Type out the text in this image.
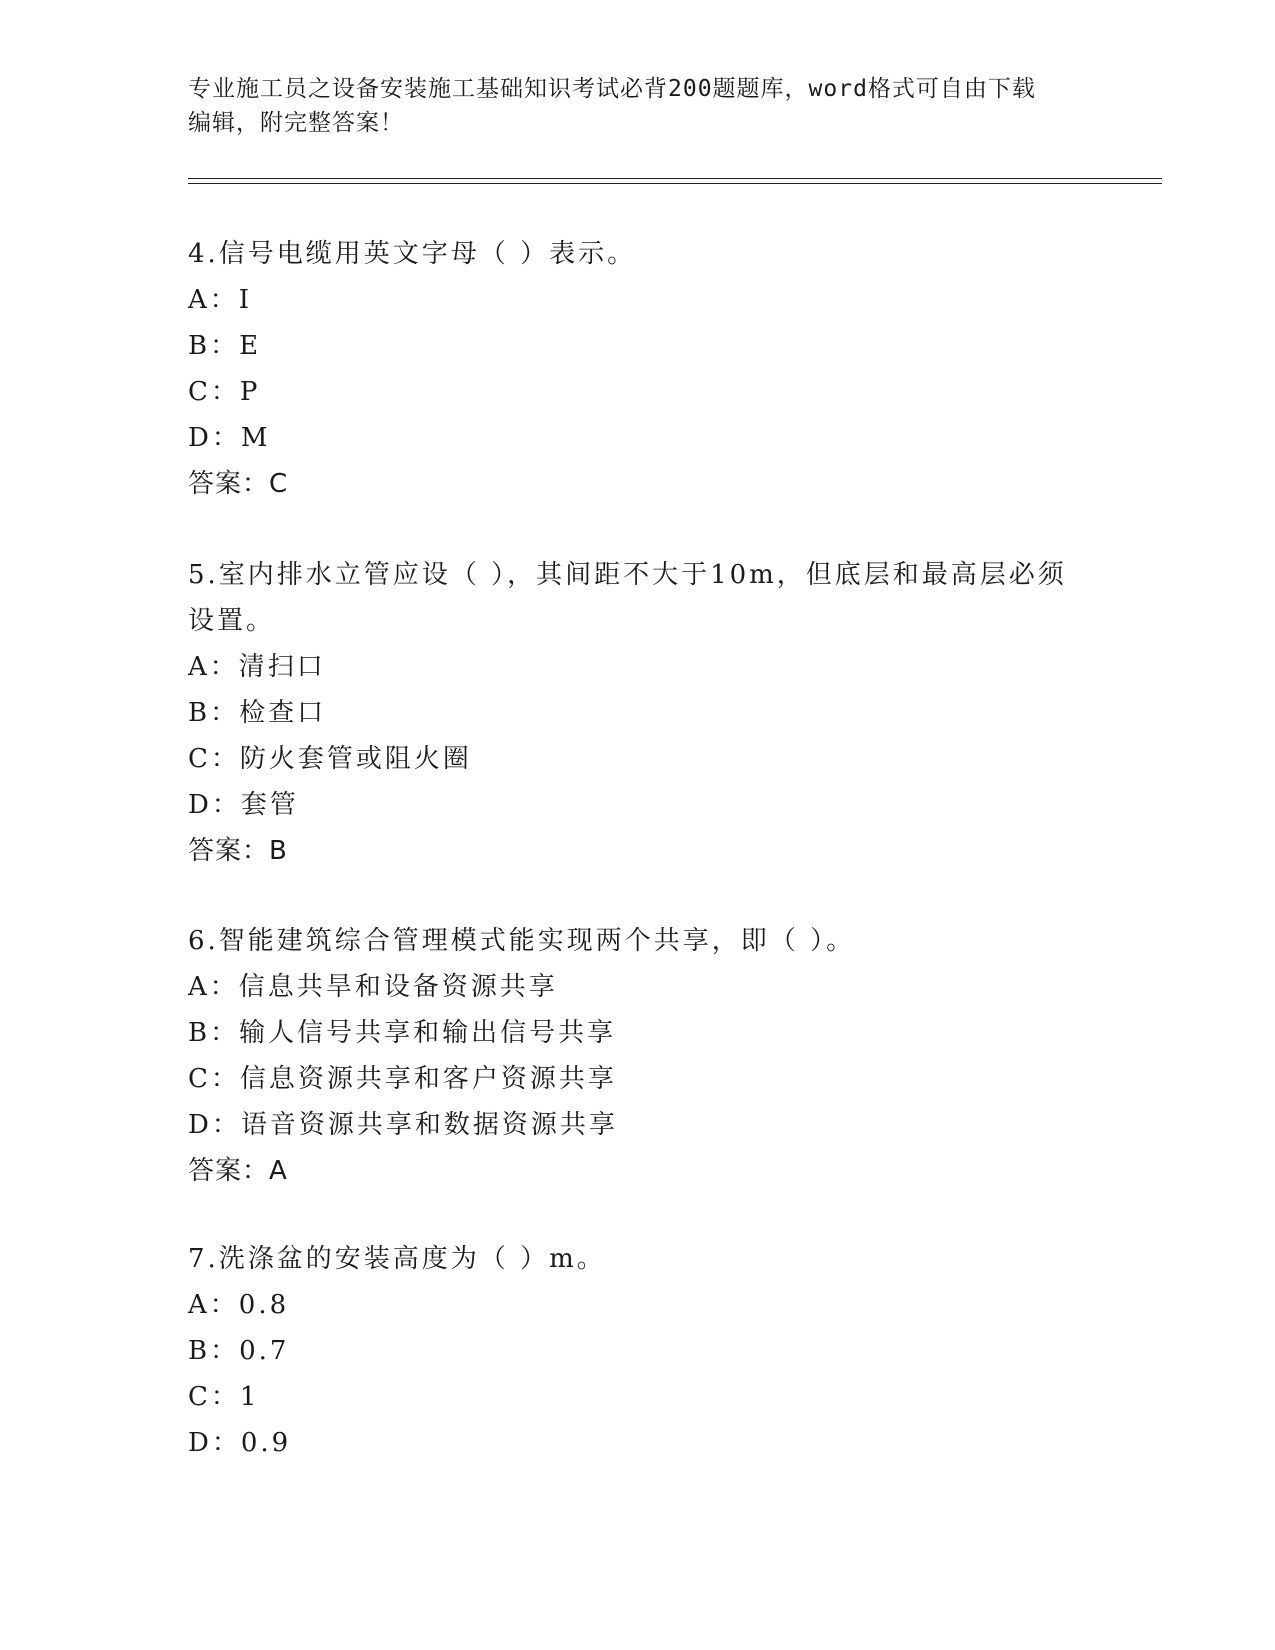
专业施工员之设备安装施工基础知识考试必背200题题库，word格式可自由下载
编辑，附完整答案！
4.信号电缆用英文字母（ ）表示。
A：I
B：E
C：P
D：M
答案：C
5.室内排水立管应设（ ），其间距不大于10m，但底层和最高层必须设置。
A：清扫口
B：检查口
C：防火套管或阻火圈
D：套管
答案：B
6.智能建筑综合管理模式能实现两个共享，即（ ）。
A：信息共旱和设备资源共享
B：输人信号共享和输出信号共享
C：信息资源共享和客户资源共享
D：语音资源共享和数据资源共享
答案：A
7.洗涤盆的安装高度为（ ）m。
A：0.8
B：0.7
C：1
D：0.9
